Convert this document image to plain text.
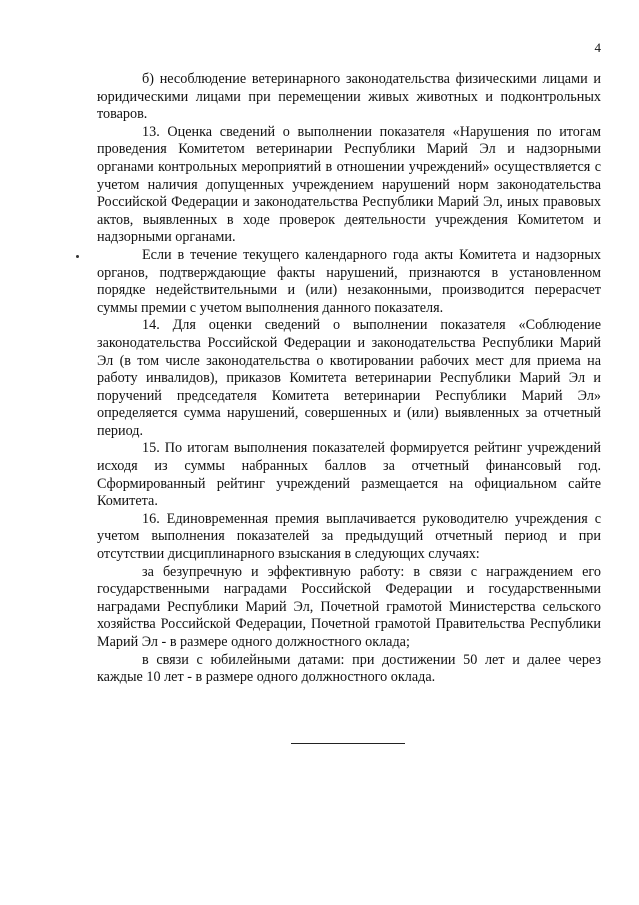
4

б) несоблюдение ветеринарного законодательства физическими лицами и юридическими лицами при перемещении живых животных и подконтрольных товаров.

13. Оценка сведений о выполнении показателя «Нарушения по итогам проведения Комитетом ветеринарии Республики Марий Эл и надзорными органами контрольных мероприятий в отношении учреждений» осуществляется с учетом наличия допущенных учреждением нарушений норм законодательства Российской Федерации и законодательства Республики Марий Эл, иных правовых актов, выявленных в ходе проверок деятельности учреждения Комитетом и надзорными органами.

Если в течение текущего календарного года акты Комитета и надзорных органов, подтверждающие факты нарушений, признаются в установленном порядке недействительными и (или) незаконными, производится перерасчет суммы премии с учетом выполнения данного показателя.

14. Для оценки сведений о выполнении показателя «Соблюдение законодательства Российской Федерации и законодательства Республики Марий Эл (в том числе законодательства о квотировании рабочих мест для приема на работу инвалидов), приказов Комитета ветеринарии Республики Марий Эл и поручений председателя Комитета ветеринарии Республики Марий Эл» определяется сумма нарушений, совершенных и (или) выявленных за отчетный период.

15. По итогам выполнения показателей формируется рейтинг учреждений исходя из суммы набранных баллов за отчетный финансовый год. Сформированный рейтинг учреждений размещается на официальном сайте Комитета.

16. Единовременная премия выплачивается руководителю учреждения с учетом выполнения показателей за предыдущий отчетный период и при отсутствии дисциплинарного взыскания в следующих случаях:

за безупречную и эффективную работу: в связи с награждением его государственными наградами Российской Федерации и государственными наградами Республики Марий Эл, Почетной грамотой Министерства сельского хозяйства Российской Федерации, Почетной грамотой Правительства Республики Марий Эл - в размере одного должностного оклада;

в связи с юбилейными датами: при достижении 50 лет и далее через каждые 10 лет - в размере одного должностного оклада.
